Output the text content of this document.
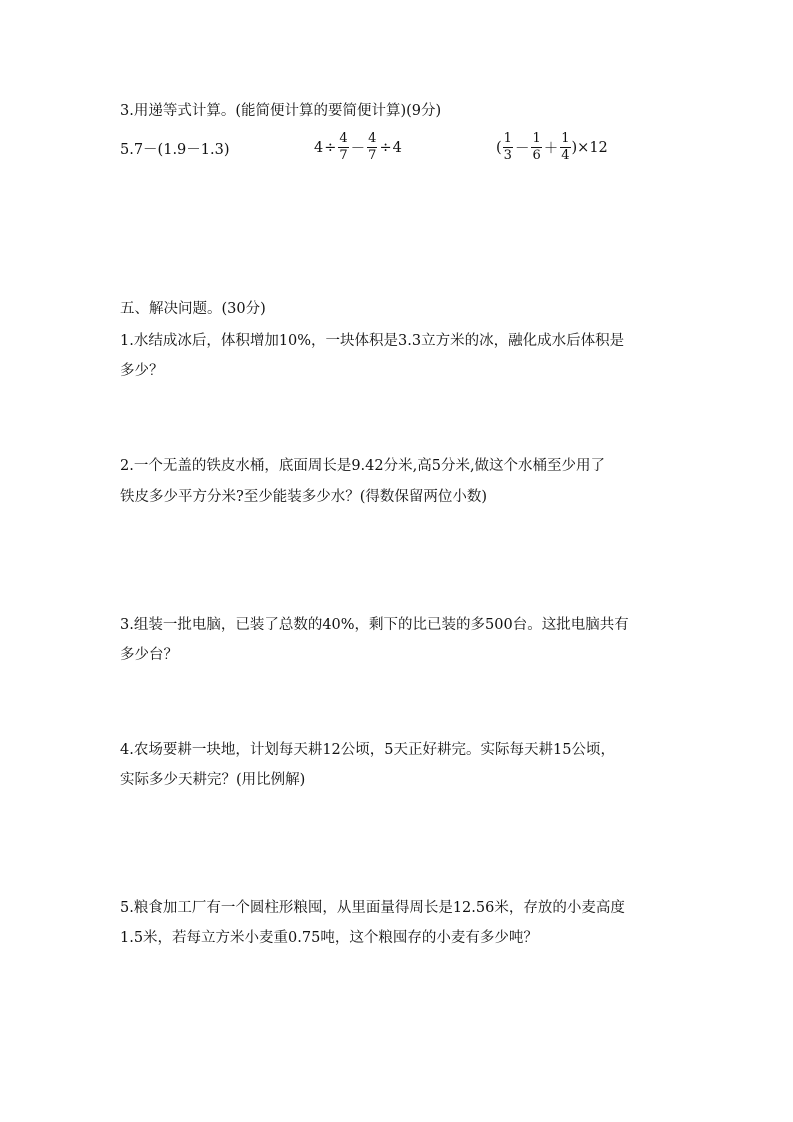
3.用递等式计算。(能简便计算的要简便计算)(9分)
5.7－(1.9－1.3)	$4 \div \frac{4}{7} - \frac{4}{7} \div 4$	( $\frac{1}{3} - \frac{1}{6} + \frac{1}{4} )\times 12$
五、解决问题。(30分)
1.水结成冰后，体积增加10%，一块体积是3.3立方米的冰，融化成水后体积是
多少？
2.一个无盖的铁皮水桶，底面周长是9.42分米,高5分米,做这个水桶至少用了
铁皮多少平方分米?至少能装多少水？(得数保留两位小数)
3.组装一批电脑，已装了总数的40%，剩下的比已装的多500台。这批电脑共有
多少台？
4.农场要耕一块地，计划每天耕12公顷，5天正好耕完。实际每天耕15公顷，
实际多少天耕完？(用比例解)
5.粮食加工厂有一个圆柱形粮囤，从里面量得周长是12.56米，存放的小麦高度
1.5米，若每立方米小麦重0.75吨，这个粮囤存的小麦有多少吨？
